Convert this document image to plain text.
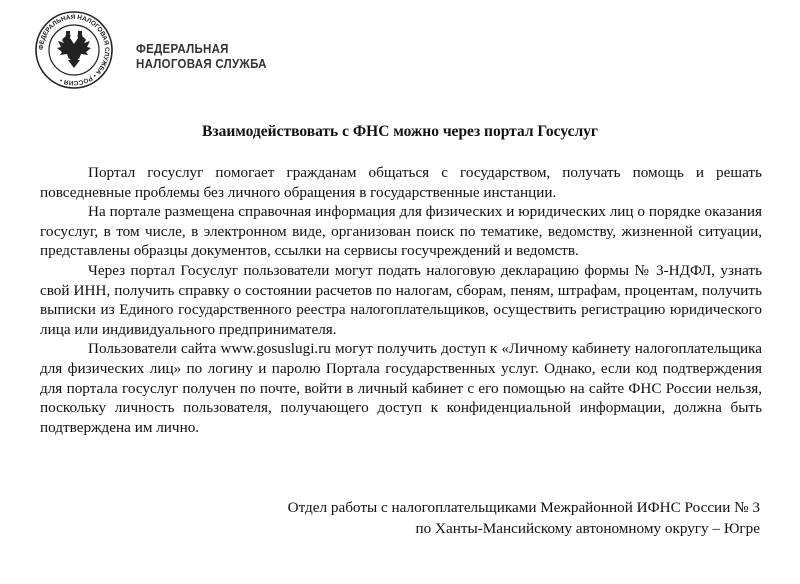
ФЕДЕРАЛЬНАЯ НАЛОГОВАЯ СЛУЖБА • РОССИЯ •
ФЕДЕРАЛЬНАЯ
НАЛОГОВАЯ СЛУЖБА
Взаимодействовать с ФНС можно через портал Госуслуг

Портал госуслуг помогает гражданам общаться с государством, получать помощь и решать повседневные проблемы без личного обращения в государственные инстанции.

На портале размещена справочная информация для физических и юридических лиц о порядке оказания госуслуг, в том числе, в электронном виде, организован поиск по тематике, ведомству, жизненной ситуации, представлены образцы документов, ссылки на сервисы госучреждений и ведомств.

Через портал Госуслуг пользователи могут подать налоговую декларацию формы № 3-НДФЛ, узнать свой ИНН, получить справку о состоянии расчетов по налогам, сборам, пеням, штрафам, процентам, получить выписки из Единого государственного реестра налогоплательщиков, осуществить регистрацию юридического лица или индивидуального предпринимателя.

Пользователи сайта www.gosuslugi.ru могут получить доступ к «Личному кабинету налогоплательщика для физических лиц» по логину и паролю Портала государственных услуг. Однако, если код подтверждения для портала госуслуг получен по почте, войти в личный кабинет с его помощью на сайте ФНС России нельзя, поскольку личность пользователя, получающего доступ к конфиденциальной информации, должна быть подтверждена им лично.

Отдел работы с налогоплательщиками Межрайонной ИФНС России № 3
по Ханты-Мансийскому автономному округу – Югре
